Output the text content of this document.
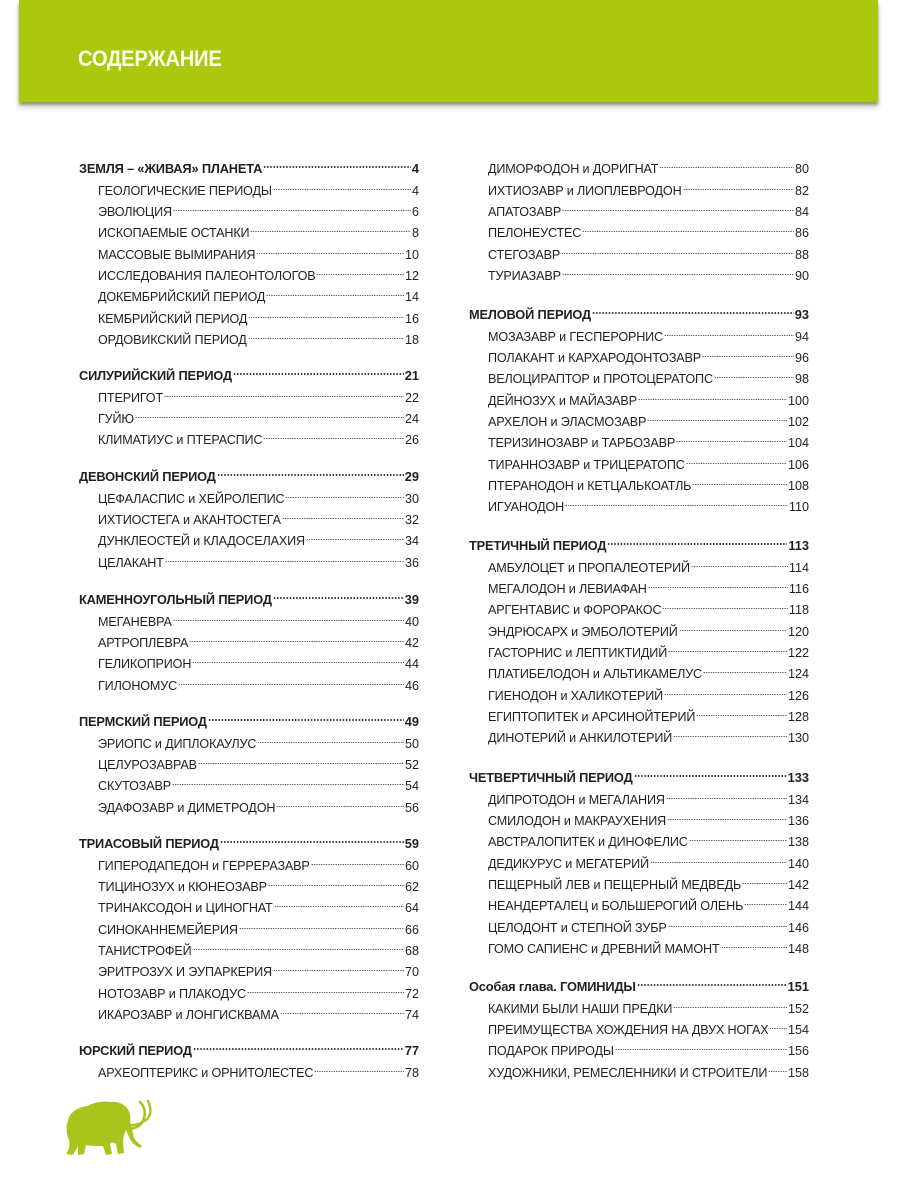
СОДЕРЖАНИЕ
ЗЕМЛЯ – «ЖИВАЯ» ПЛАНЕТА	4
ГЕОЛОГИЧЕСКИЕ ПЕРИОДЫ	4
ЭВОЛЮЦИЯ	6
ИСКОПАЕМЫЕ ОСТАНКИ	8
МАССОВЫЕ ВЫМИРАНИЯ	10
ИССЛЕДОВАНИЯ ПАЛЕОНТОЛОГОВ	12
ДОКЕМБРИЙСКИЙ ПЕРИОД	14
КЕМБРИЙСКИЙ ПЕРИОД	16
ОРДОВИКСКИЙ ПЕРИОД	18
СИЛУРИЙСКИЙ ПЕРИОД	21
ПТЕРИГОТ	22
ГУЙЮ	24
КЛИМАТИУС и ПТЕРАСПИС	26
ДЕВОНСКИЙ ПЕРИОД	29
ЦЕФАЛАСПИС и ХЕЙРОЛЕПИС	30
ИХТИОСТЕГА и АКАНТОСТЕГА	32
ДУНКЛЕОСТЕЙ и КЛАДОСЕЛАХИЯ	34
ЦЕЛАКАНТ	36
КАМЕННОУГОЛЬНЫЙ ПЕРИОД	39
МЕГАНЕВРА	40
АРТРОПЛЕВРА	42
ГЕЛИКОПРИОН	44
ГИЛОНОМУС	46
ПЕРМСКИЙ ПЕРИОД	49
ЭРИОПС и ДИПЛОКАУЛУС	50
ЦЕЛУРОЗАВРАВ	52
СКУТОЗАВР	54
ЭДАФОЗАВР и ДИМЕТРОДОН	56
ТРИАСОВЫЙ ПЕРИОД	59
ГИПЕРОДАПЕДОН и ГЕРРЕРАЗАВР	60
ТИЦИНОЗУХ и КЮНЕОЗАВР	62
ТРИНАКСОДОН и ЦИНОГНАТ	64
СИНОКАННЕМЕЙЕРИЯ	66
ТАНИСТРОФЕЙ	68
ЭРИТРОЗУХ И ЭУПАРКЕРИЯ	70
НОТОЗАВР и ПЛАКОДУС	72
ИКАРОЗАВР и ЛОНГИСКВАМА	74
ЮРСКИЙ ПЕРИОД	77
АРХЕОПТЕРИКС и ОРНИТОЛЕСТЕС	78
ДИМОРФОДОН и ДОРИГНАТ	80
ИХТИОЗАВР и ЛИОПЛЕВРОДОН	82
АПАТОЗАВР	84
ПЕЛОНЕУСТЕС	86
СТЕГОЗАВР	88
ТУРИАЗАВР	90
МЕЛОВОЙ ПЕРИОД	93
МОЗАЗАВР и ГЕСПЕРОРНИС	94
ПОЛАКАНТ и КАРХАРОДОНТОЗАВР	96
ВЕЛОЦИРАПТОР и ПРОТОЦЕРАТОПС	98
ДЕЙНОЗУХ и МАЙАЗАВР	100
АРХЕЛОН и ЭЛАСМОЗАВР	102
ТЕРИЗИНОЗАВР и ТАРБОЗАВР	104
ТИРАННОЗАВР и ТРИЦЕРАТОПС	106
ПТЕРАНОДОН и КЕТЦАЛЬКОАТЛЬ	108
ИГУАНОДОН	110
ТРЕТИЧНЫЙ ПЕРИОД	113
АМБУЛОЦЕТ и ПРОПАЛЕОТЕРИЙ	114
МЕГАЛОДОН и ЛЕВИАФАН	116
АРГЕНТАВИС и ФОРОРАКОС	118
ЭНДРЮСАРХ и ЭМБОЛОТЕРИЙ	120
ГАСТОРНИС и ЛЕПТИКТИДИЙ	122
ПЛАТИБЕЛОДОН и АЛЬТИКАМЕЛУС	124
ГИЕНОДОН и ХАЛИКОТЕРИЙ	126
ЕГИПТОПИТЕК и АРСИНОЙТЕРИЙ	128
ДИНОТЕРИЙ и АНКИЛОТЕРИЙ	130
ЧЕТВЕРТИЧНЫЙ ПЕРИОД	133
ДИПРОТОДОН и МЕГАЛАНИЯ	134
СМИЛОДОН и МАКРАУХЕНИЯ	136
АВСТРАЛОПИТЕК и ДИНОФЕЛИС	138
ДЕДИКУРУС и МЕГАТЕРИЙ	140
ПЕЩЕРНЫЙ ЛЕВ и ПЕЩЕРНЫЙ МЕДВЕДЬ	142
НЕАНДЕРТАЛЕЦ и БОЛЬШЕРОГИЙ ОЛЕНЬ	144
ЦЕЛОДОНТ и СТЕПНОЙ ЗУБР	146
ГОМО САПИЕНС и ДРЕВНИЙ МАМОНТ	148
Особая глава. ГОМИНИДЫ	151
КАКИМИ БЫЛИ НАШИ ПРЕДКИ	152
ПРЕИМУЩЕСТВА ХОЖДЕНИЯ НА ДВУХ НОГАХ 154
ПОДАРОК ПРИРОДЫ	156
ХУДОЖНИКИ, РЕМЕСЛЕННИКИ И СТРОИТЕЛИ 158
